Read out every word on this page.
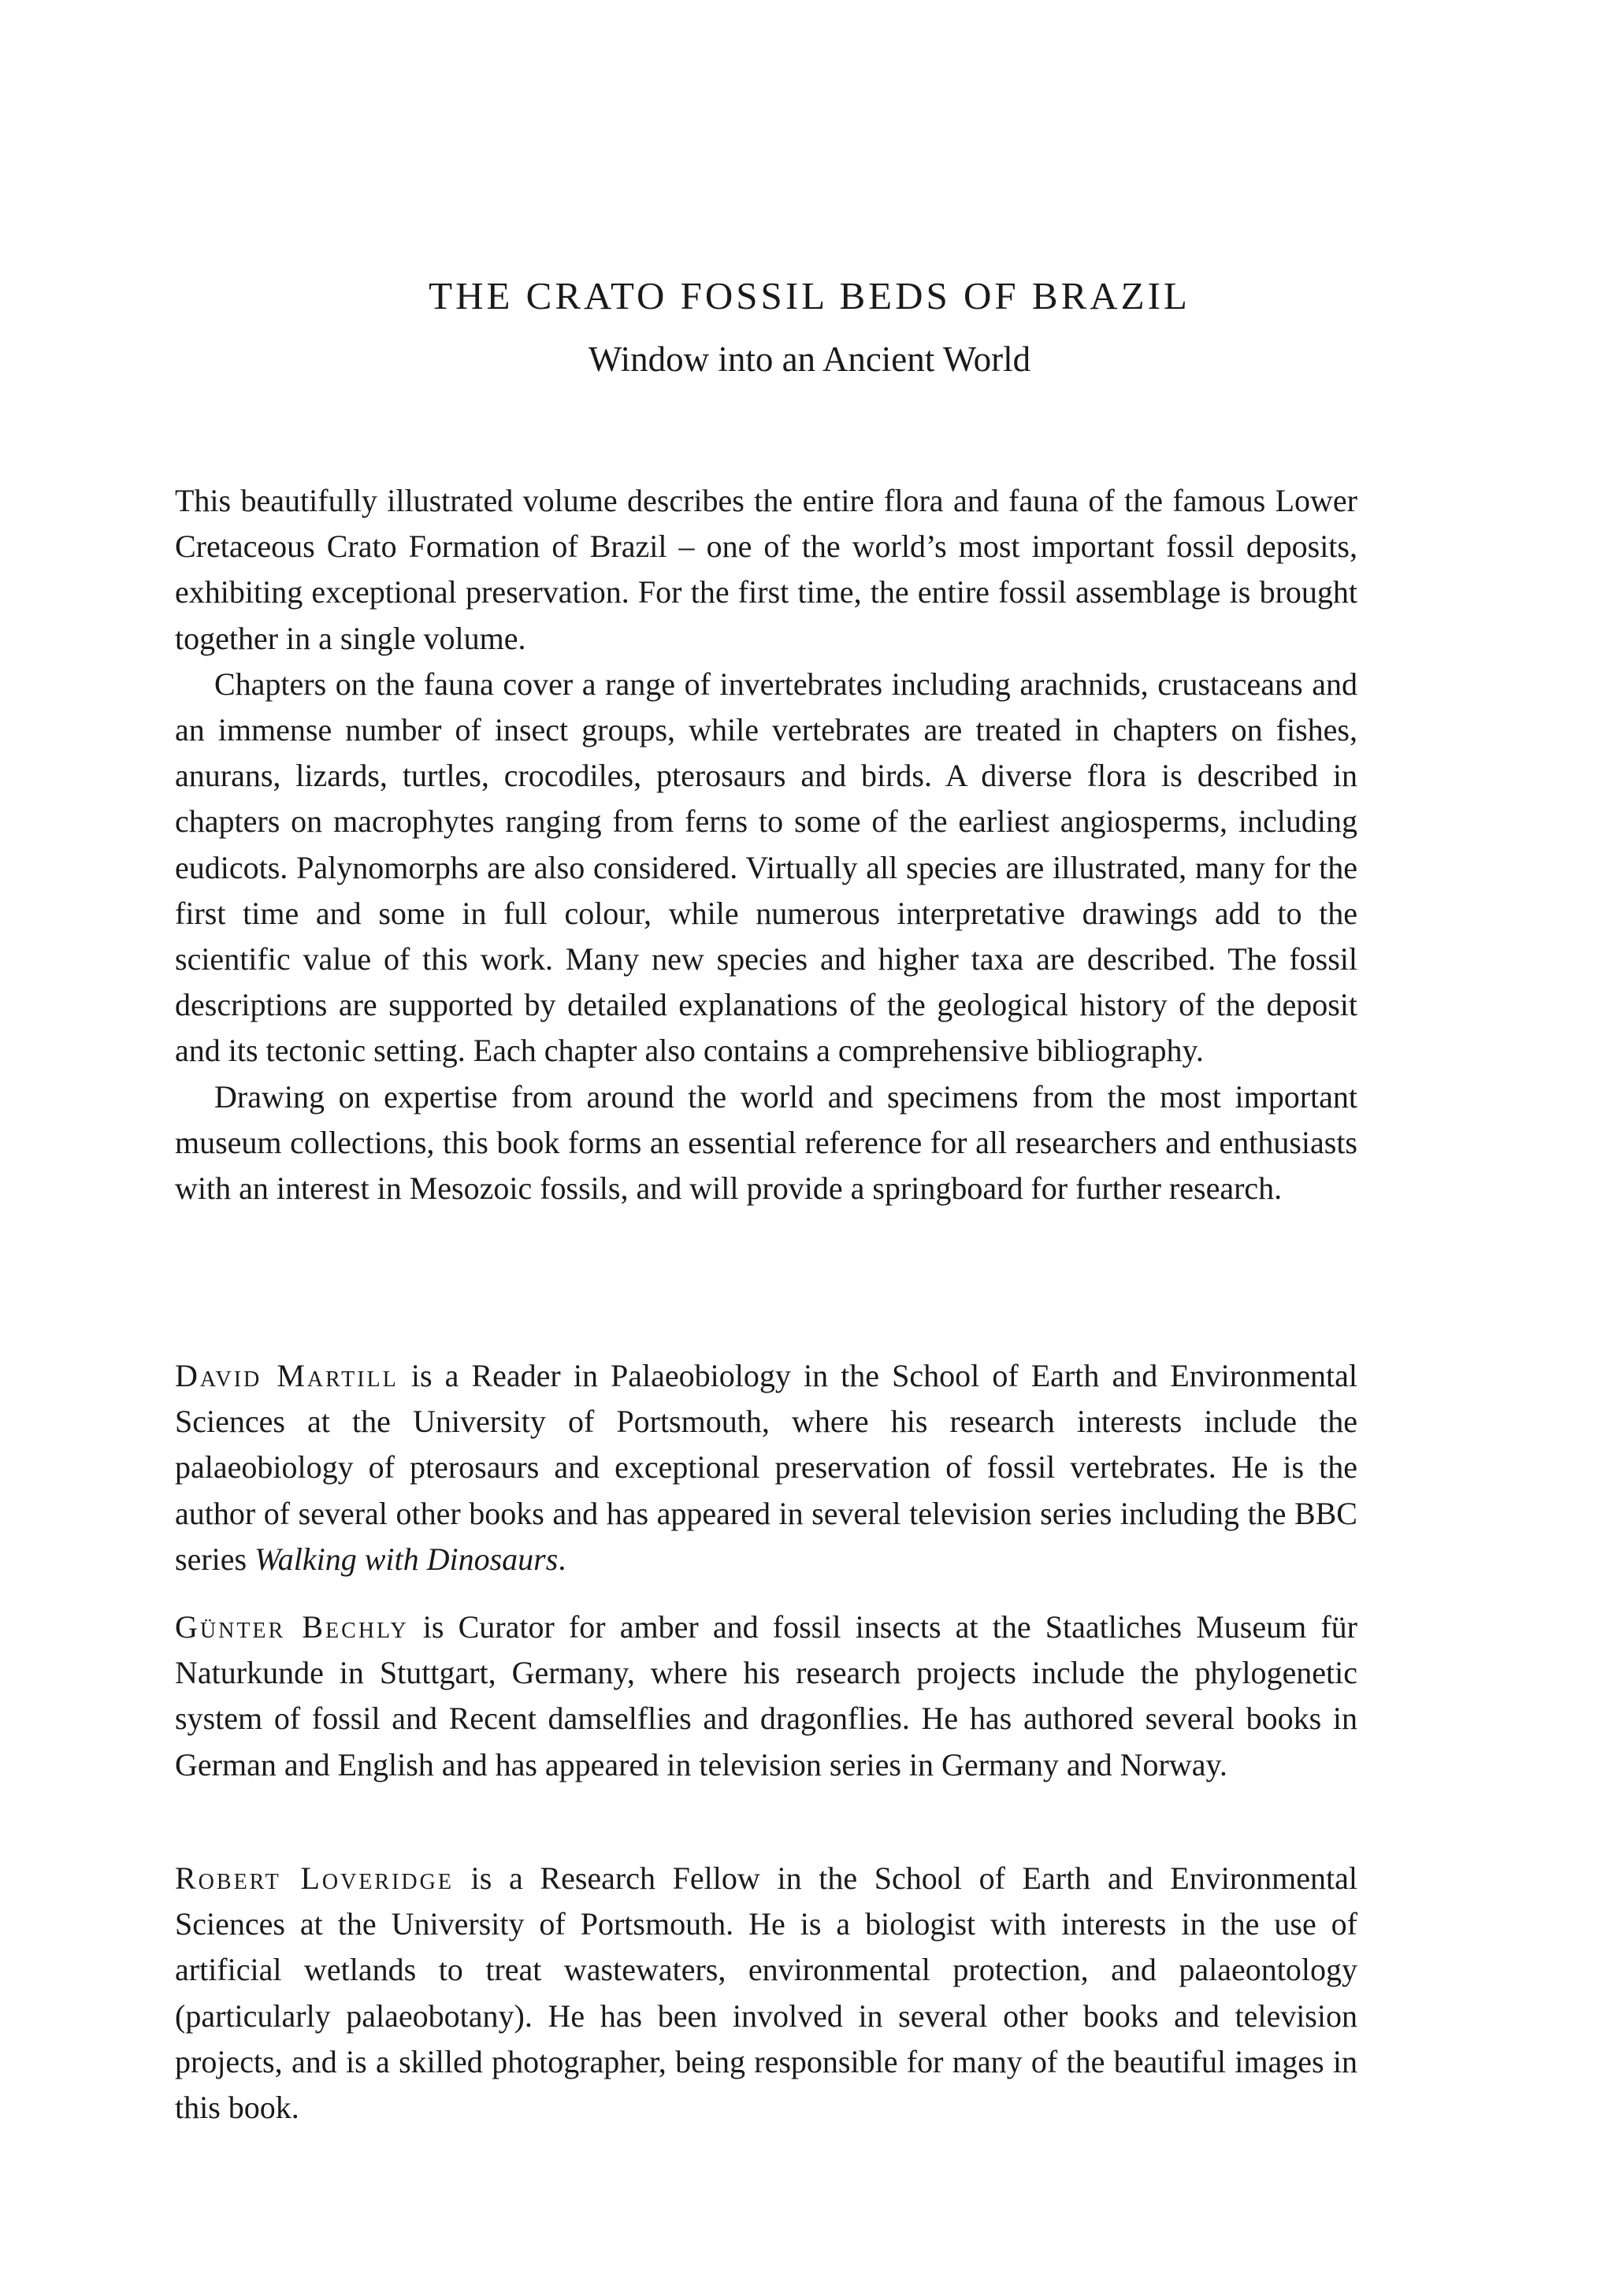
THE CRATO FOSSIL BEDS OF BRAZIL
Window into an Ancient World

This beautifully illustrated volume describes the entire flora and fauna of the famous Lower Cretaceous Crato Formation of Brazil – one of the world’s most important fossil deposits, exhibiting exceptional preservation. For the first time, the entire fossil assemblage is brought together in a single volume.

Chapters on the fauna cover a range of invertebrates including arachnids, crustaceans and an immense number of insect groups, while vertebrates are treated in chapters on fishes, anurans, lizards, turtles, crocodiles, pterosaurs and birds. A diverse flora is described in chapters on macrophytes ranging from ferns to some of the earliest angiosperms, including eudicots. Palynomorphs are also considered. Virtually all species are illustrated, many for the first time and some in full colour, while numerous interpretative drawings add to the scientific value of this work. Many new species and higher taxa are described. The fossil descriptions are supported by detailed explanations of the geological history of the deposit and its tectonic setting. Each chapter also contains a comprehensive bibliography.

Drawing on expertise from around the world and specimens from the most important museum collections, this book forms an essential reference for all researchers and enthusiasts with an interest in Mesozoic fossils, and will provide a springboard for further research.

David Martill is a Reader in Palaeobiology in the School of Earth and Environmental Sciences at the University of Portsmouth, where his research interests include the palaeobiology of pterosaurs and exceptional preservation of fossil vertebrates. He is the author of several other books and has appeared in several television series including the BBC series Walking with Dinosaurs.

Günter Bechly is Curator for amber and fossil insects at the Staatliches Museum für Naturkunde in Stuttgart, Germany, where his research projects include the phylogenetic system of fossil and Recent damselflies and dragonflies. He has authored several books in German and English and has appeared in television series in Germany and Norway.

Robert Loveridge is a Research Fellow in the School of Earth and Environmental Sciences at the University of Portsmouth. He is a biologist with interests in the use of artificial wetlands to treat wastewaters, environmental protection, and palaeontology (particularly palaeobotany). He has been involved in several other books and television projects, and is a skilled photographer, being responsible for many of the beautiful images in this book.
